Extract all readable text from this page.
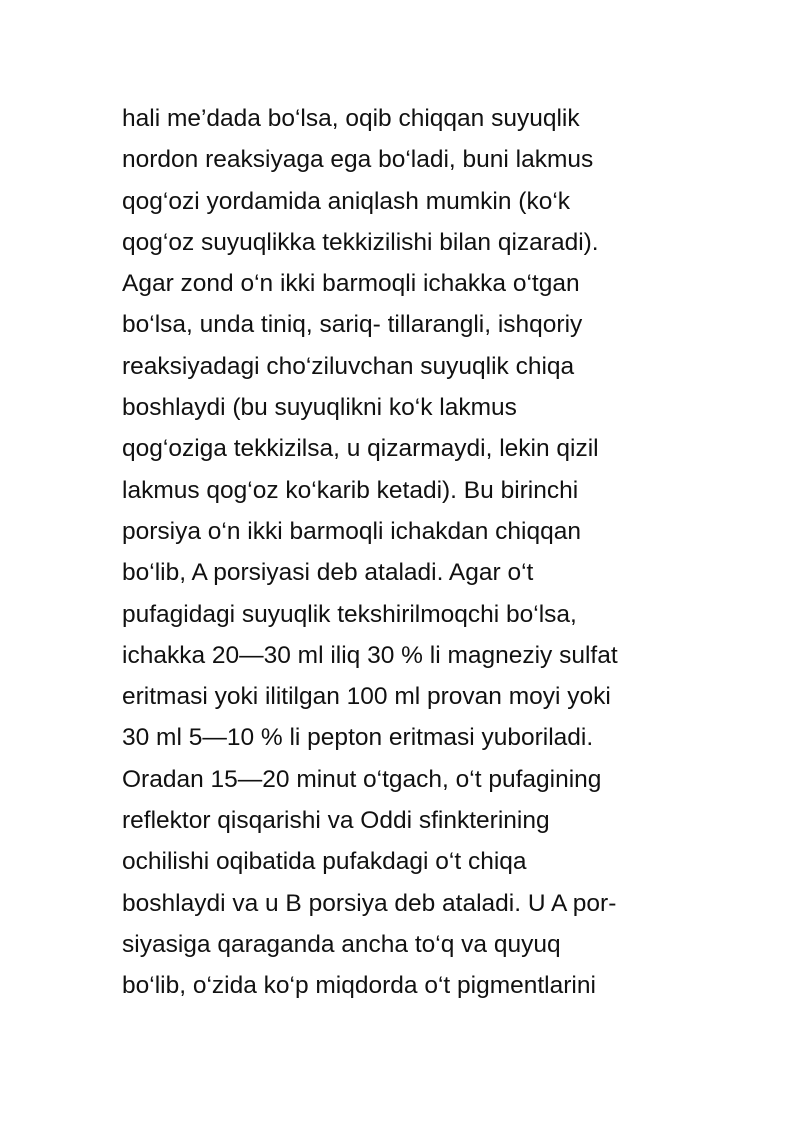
hali me’dada bo‘lsa, oqib chiqqan suyuqlik
nordon reaksiyaga ega bo‘ladi, buni lakmus
qog‘ozi yordamida aniqlash mumkin (ko‘k
qog‘oz suyuqlikka tekkizilishi bilan qizaradi).
Agar zond o‘n ikki barmoqli ichakka o‘tgan
bo‘lsa, unda tiniq, sariq- tillarangli, ishqoriy
reaksiyadagi cho‘ziluvchan suyuqlik chiqa
boshlaydi (bu suyuqlikni ko‘k lakmus
qog‘oziga tekkizilsa, u qizarmaydi, lekin qizil
lakmus qog‘oz ko‘karib ketadi). Bu birinchi
porsiya o‘n ikki barmoqli ichakdan chiqqan
bo‘lib, A porsiyasi deb ataladi. Agar o‘t
pufagidagi suyuqlik tekshirilmoqchi bo‘lsa,
ichakka 20—30 ml iliq 30 % li magneziy sulfat
eritmasi yoki ilitilgan 100 ml provan moyi yoki
30 ml 5—10 % li pepton eritmasi yuboriladi.
Oradan 15—20 minut o‘tgach, o‘t pufagining
reflektor qisqarishi va Oddi sfinkterining
ochilishi oqibatida pufakdagi o‘t chiqa
boshlaydi va u B porsiya deb ataladi. U A por-
siyasiga qaraganda ancha to‘q va quyuq
bo‘lib, o‘zida ko‘p miqdorda o‘t pigmentlarini
